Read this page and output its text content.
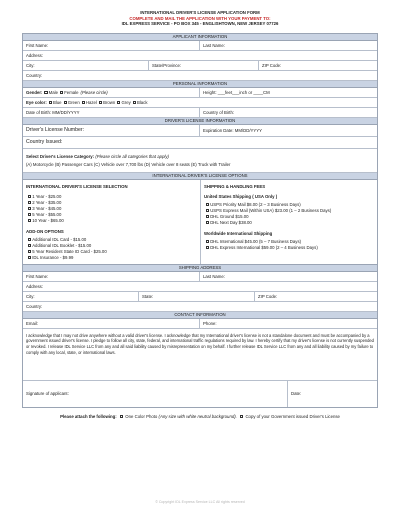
INTERNATIONAL DRIVER'S LICENSE APPLICATION FORM
COMPLETE AND MAIL THE APPLICATION WITH YOUR PAYMENT TO:
IDL EXPRESS SERVICE - PO BOX 345 - ENGLISHTOWN, NEW JERSEY 07726
APPLICANT INFORMATION
First Name:	Last Name:
Address:
City:	State/Province:	ZIP Code:
Country:
PERSONAL INFORMATION
Gender: Male Female (Please circle)	Height: ___feet___inch or ____CM
Eye color: Blue Green Hazel Brown Grey Black
Date of Birth: MM/DD/YYYY	Country of Birth:
DRIVER'S LICENSE INFORMATION
Driver's License Number:	Expiration Date: MM/DD/YYYY
Country Issued:
Select Driver's License Category: (Please circle all categories that apply)
(A) Motorcycle (B) Passenger Cars (C) Vehicle over 7,700 lbs (D) Vehicle over 8 seats (E) Truck with Trailer
INTERNATIONAL DRIVER'S LICENSE OPTIONS
INTERNATIONAL DRIVER'S LICENSE SELECTION
1 Year - $25.00
2 Year - $35.00
3 Year - $45.00
5 Year - $55.00
10 Year - $65.00
ADD-ON OPTIONS
Additional IDL Card - $15.00
Additional IDL Booklet - $15.00
5 Year Resident State ID Card - $25.00
IDL Insurance - $9.99
SHIPPING & HANDLING FEES
United States Shipping ( USA Only )
USPS Priority Mail $8.00 (2 – 3 Business Days)
USPS Express Mail (Within USA) $23.00 (1 – 2 Business Days)
DHL Ground $15.00
DHL Next Day $38.00
Worldwide International Shipping
DHL International $45.00 (5 – 7 Business Days)
DHL Express International $59.00 (2 – 4 Business Days)
SHIPPING ADDRESS
First Name:	Last Name:
Address:
City:	State:	ZIP Code:
Country:
CONTACT INFORMATION
Email:	Phone:
I acknowledge that I may not drive anywhere without a valid driver's license. I acknowledge that my International driver's license is not a standalone document and must be accompanied by a government issued driver's license. I pledge to follow all city, state, federal, and international traffic regulations required by law. I hereby certify that my driver's license is not currently suspended or revoked. I release IDL Service LLC from any and all said liability caused by misrepresentation on my behalf. I further release IDL Service LLC from any and all liability caused by my failure to comply with any local, state, or international laws.
Signature of applicant:	Date:
Please attach the following: One Color Photo (Any size with white neutral background). Copy of your Government issued Driver's License
© Copyright IDL Express Service LLC All rights reserved
